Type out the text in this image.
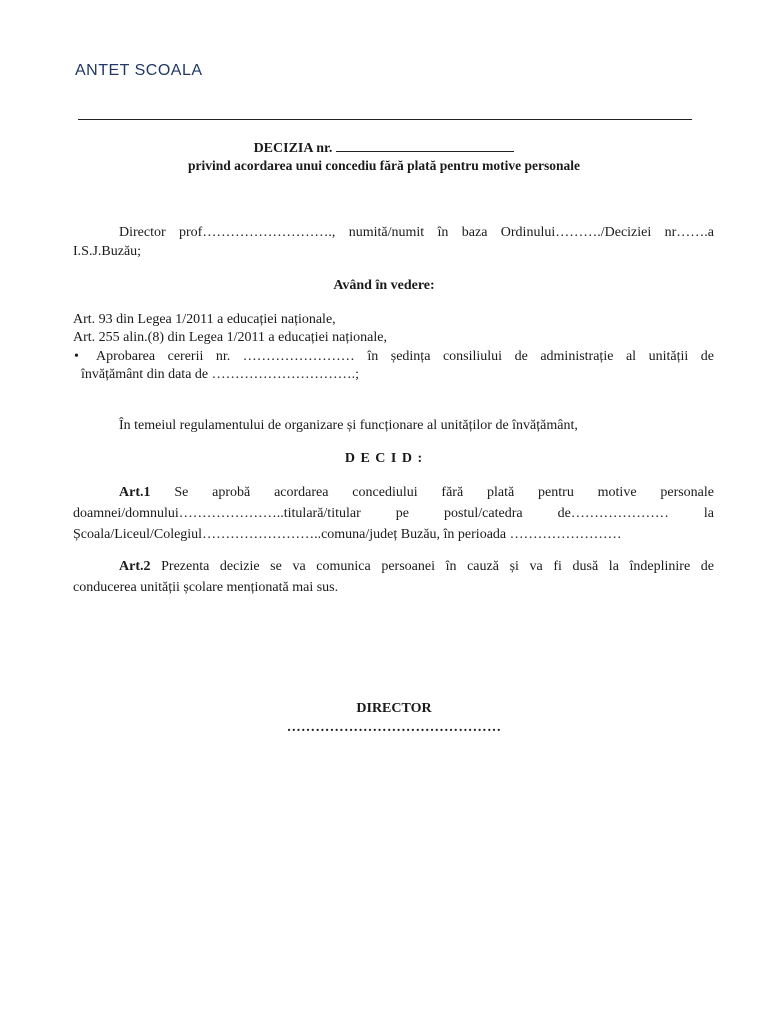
ANTET SCOALA
DECIZIA nr.
privind acordarea unui concediu fără plată pentru motive personale
Director prof………………………., numită/numit în baza Ordinului………./Deciziei nr…….a
I.S.J.Buzău;
Având în vedere:
Art. 93 din Legea 1/2011 a educației naționale,
Art. 255 alin.(8) din Legea 1/2011 a educației naționale,
• Aprobarea cererii nr. …………………… în ședința consiliului de administrație al unității de
învățământ din data de ………………………….;
În temeiul regulamentului de organizare și funcționare al unităților de învățământ,
D E C I D :
Art.1 Se aprobă acordarea concediului fără plată pentru motive personale
doamnei/domnului…………………..titulară/titular pe postul/catedra de………………… la
Școala/Liceul/Colegiul……………………..comuna/județ Buzău, în perioada ……………………
Art.2 Prezenta decizie se va comunica persoanei în cauză și va fi dusă la îndeplinire de
conducerea unității școlare menționată mai sus.
DIRECTOR
………………………………………
